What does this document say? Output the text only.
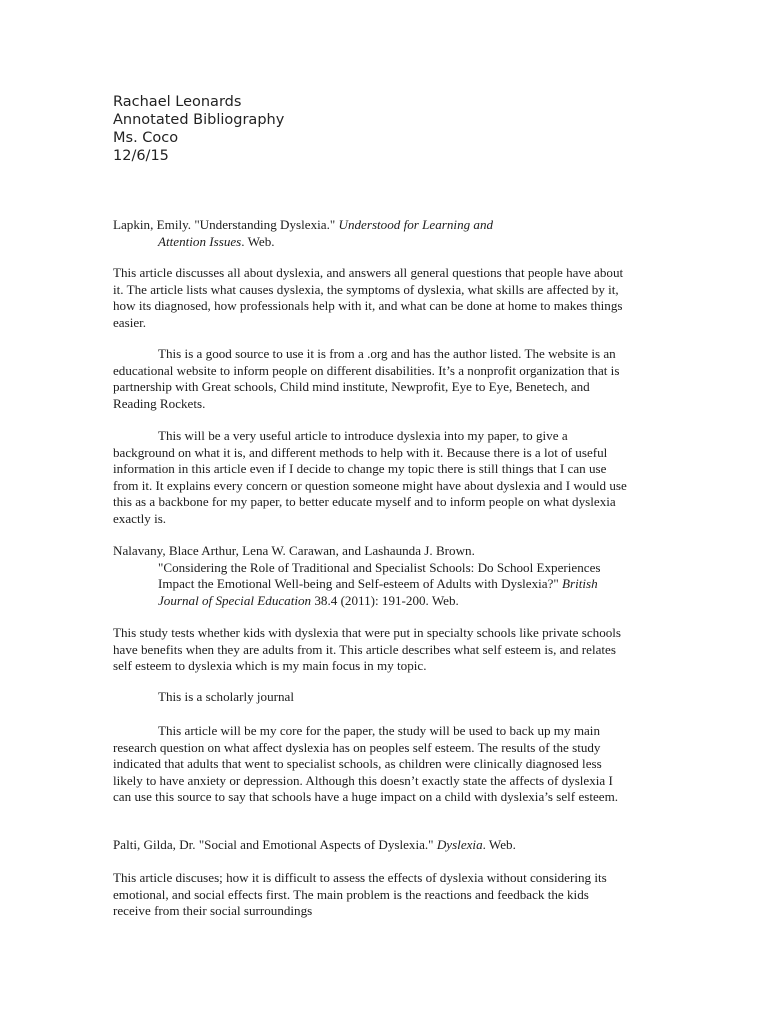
Rachael Leonards
Annotated Bibliography
Ms. Coco
12/6/15
Lapkin, Emily. "Understanding Dyslexia." Understood for Learning and
Attention Issues. Web.
This article discusses all about dyslexia, and answers all general questions that people have about
it. The article lists what causes dyslexia, the symptoms of dyslexia, what skills are affected by it,
how its diagnosed, how professionals help with it, and what can be done at home to makes things
easier.
This is a good source to use it is from a .org and has the author listed. The website is an
educational website to inform people on different disabilities. It’s a nonprofit organization that is
partnership with Great schools, Child mind institute, Newprofit, Eye to Eye, Benetech, and
Reading Rockets.
This will be a very useful article to introduce dyslexia into my paper, to give a
background on what it is, and different methods to help with it. Because there is a lot of useful
information in this article even if I decide to change my topic there is still things that I can use
from it. It explains every concern or question someone might have about dyslexia and I would use
this as a backbone for my paper, to better educate myself and to inform people on what dyslexia
exactly is.
Nalavany, Blace Arthur, Lena W. Carawan, and Lashaunda J. Brown.
"Considering the Role of Traditional and Specialist Schools: Do School Experiences
Impact the Emotional Well-being and Self-esteem of Adults with Dyslexia?" British
Journal of Special Education 38.4 (2011): 191-200. Web.
This study tests whether kids with dyslexia that were put in specialty schools like private schools
have benefits when they are adults from it. This article describes what self esteem is, and relates
self esteem to dyslexia which is my main focus in my topic.
This is a scholarly journal
This article will be my core for the paper, the study will be used to back up my main
research question on what affect dyslexia has on peoples self esteem. The results of the study
indicated that adults that went to specialist schools, as children were clinically diagnosed less
likely to have anxiety or depression. Although this doesn’t exactly state the affects of dyslexia I
can use this source to say that schools have a huge impact on a child with dyslexia’s self esteem.
Palti, Gilda, Dr. "Social and Emotional Aspects of Dyslexia." Dyslexia. Web.
This article discuses; how it is difficult to assess the effects of dyslexia without considering its
emotional, and social effects first. The main problem is the reactions and feedback the kids
receive from their social surroundings
